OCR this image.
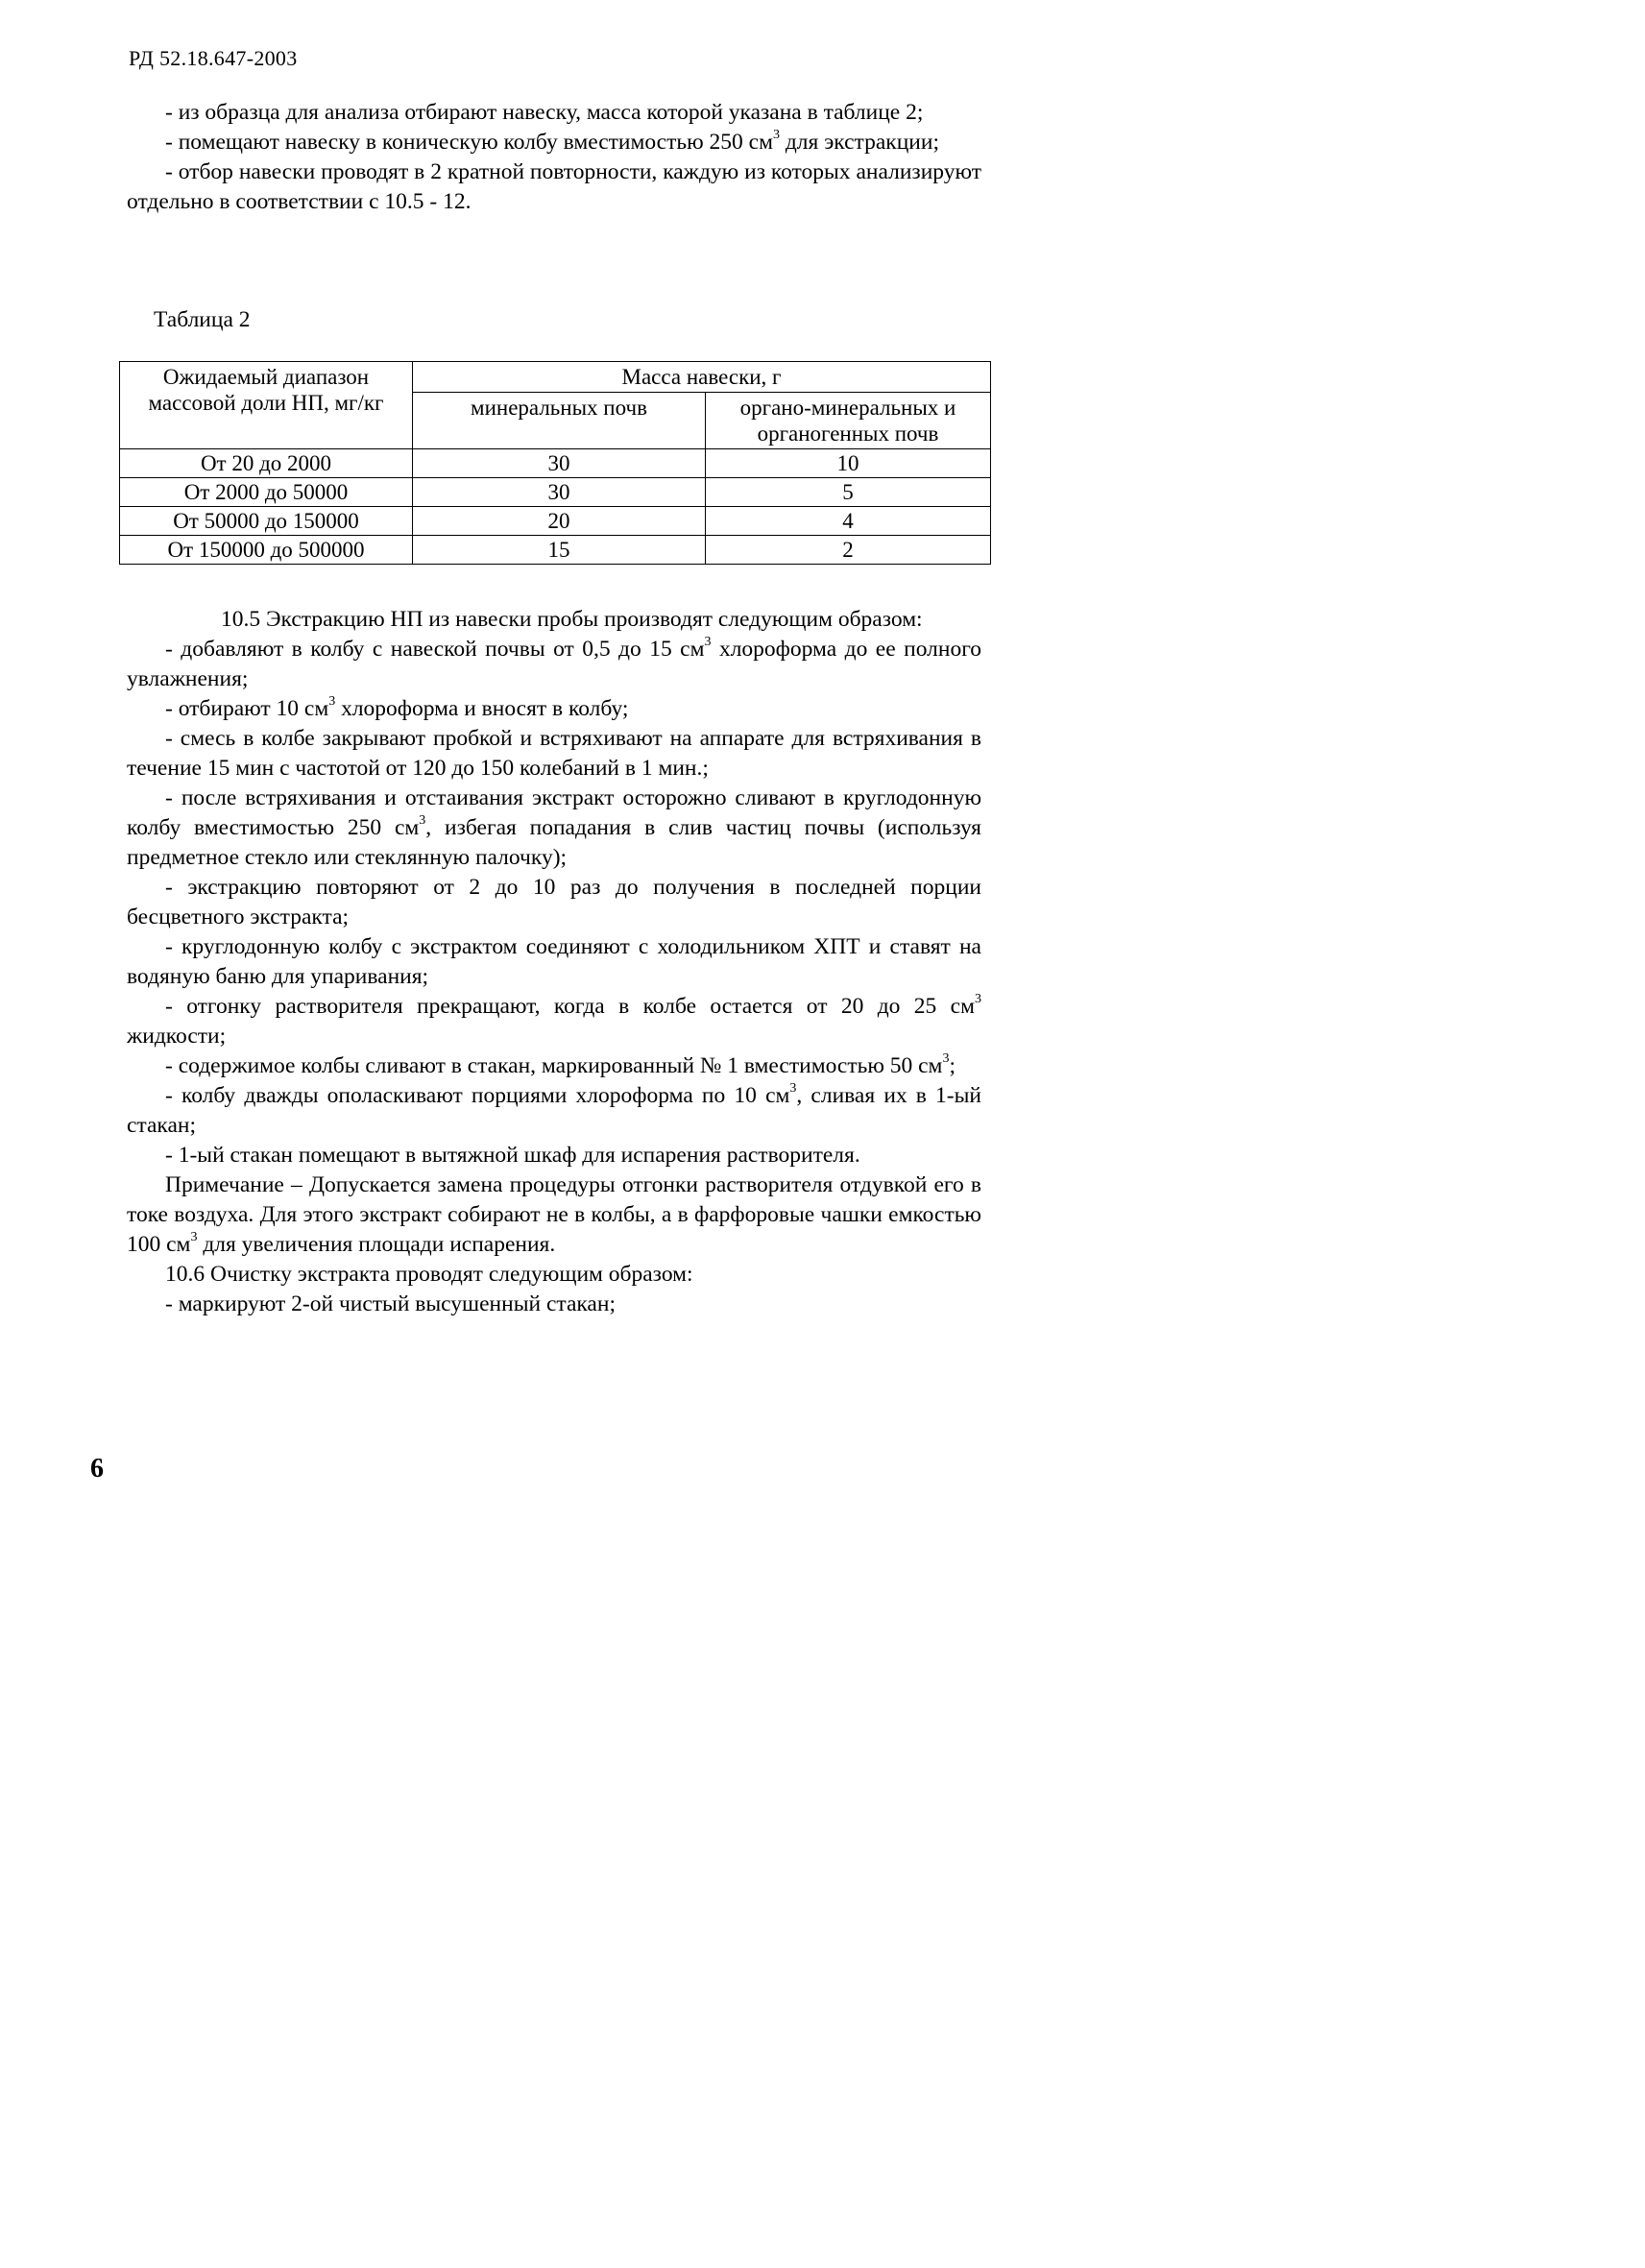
РД 52.18.647-2003

- из образца для анализа отбирают навеску, масса которой указана в таблице 2;

- помещают навеску в коническую колбу вместимостью 250 $см^3$ для экстракции;

- отбор навески проводят в 2 кратной повторности, каждую из которых анализируют отдельно в соответствии с 10.5 - 12.

Таблица 2
Ожидаемый диапазон массовой доли НП, мг/кг	Масса навески, г	
	минеральных почв	органо-минеральных и органогенных почв
От 20 до 2000	30	10
От 2000 до 50000	30	5
От 50000 до 150000	20	4
От 150000 до 500000	15	2

10.5 Экстракцию НП из навески пробы производят следующим образом:

- добавляют в колбу с навеской почвы от 0,5 до 15 $см^3$ хлороформа до ее полного увлажнения;

- отбирают 10 $см^3$ хлороформа и вносят в колбу;

- смесь в колбе закрывают пробкой и встряхивают на аппарате для встряхивания в течение 15 мин с частотой от 120 до 150 колебаний в 1 мин.;

- после встряхивания и отстаивания экстракт осторожно сливают в круглодонную колбу вместимостью 250 $см^3$, избегая попадания в слив частиц почвы (используя предметное стекло или стеклянную палочку);

- экстракцию повторяют от 2 до 10 раз до получения в последней порции бесцветного экстракта;

- круглодонную колбу с экстрактом соединяют с холодильником ХПТ и ставят на водяную баню для упаривания;

- отгонку растворителя прекращают, когда в колбе остается от 20 до 25 $см^3$ жидкости;

- содержимое колбы сливают в стакан, маркированный № 1 вместимостью 50 $см^3$;

- колбу дважды ополаскивают порциями хлороформа по 10 $см^3$, сливая их в 1-ый стакан;

- 1-ый стакан помещают в вытяжной шкаф для испарения растворителя.

Примечание – Допускается замена процедуры отгонки растворителя отдувкой его в токе воздуха. Для этого экстракт собирают не в колбы, а в фарфоровые чашки емкостью 100 $см^3$ для увеличения площади испарения.

10.6 Очистку экстракта проводят следующим образом:

- маркируют 2-ой чистый высушенный стакан;

6
